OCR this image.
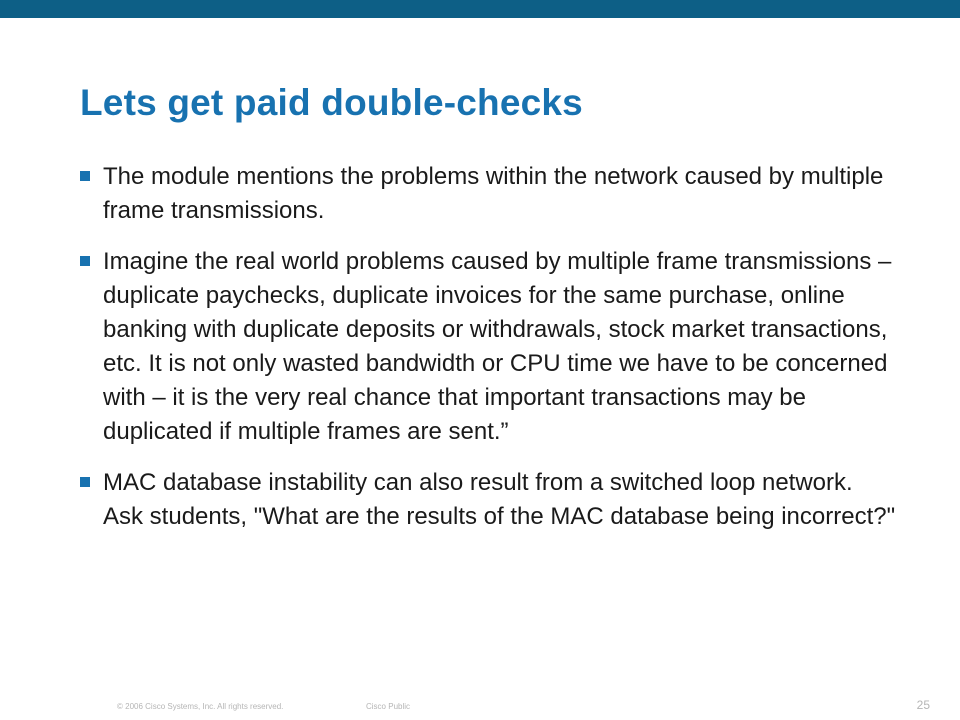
Lets get paid double-checks
The module mentions the problems within the network caused by multiple frame transmissions.
Imagine the real world problems caused by multiple frame transmissions – duplicate paychecks, duplicate invoices for the same purchase, online banking with duplicate deposits or withdrawals, stock market transactions, etc. It is not only wasted bandwidth or CPU time we have to be concerned with – it is the very real chance that important transactions may be duplicated if multiple frames are sent.”
MAC database instability can also result from a switched loop network. Ask students, "What are the results of the MAC database being incorrect?"
© 2006 Cisco Systems, Inc. All rights reserved.	Cisco Public	25
